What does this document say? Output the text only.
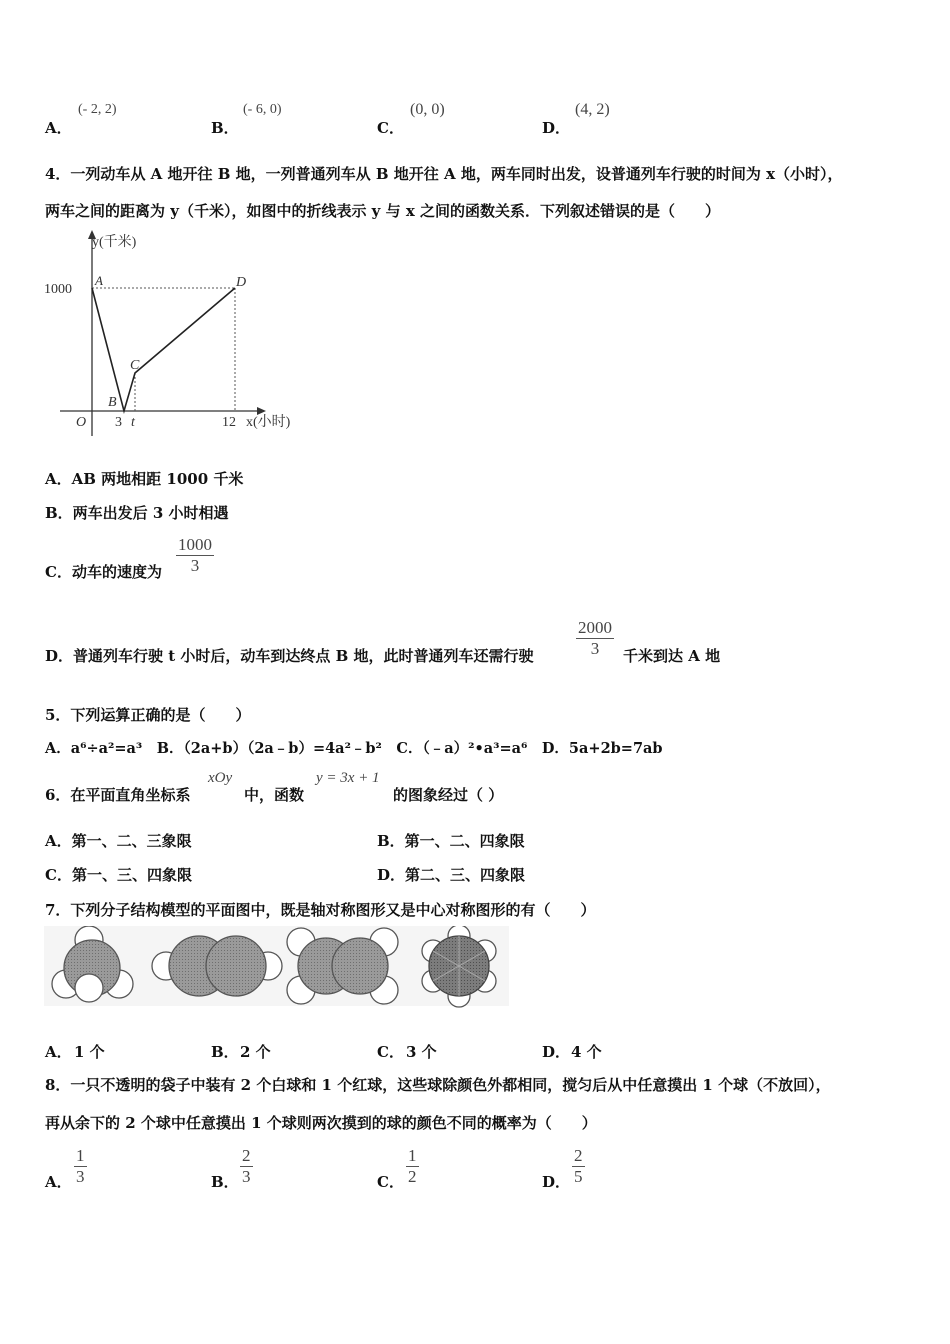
A．
(- 2, 2)
B．
(- 6, 0)
C．
(0, 0)
D．
(4, 2)
4．一列动车从 A 地开往 B 地，一列普通列车从 B 地开往 A 地，两车同时出发，设普通列车行驶的时间为 x（小时），
两车之间的距离为 y（千米），如图中的折线表示 y 与 x 之间的函数关系．下列叙述错误的是（　　）
y(千米)
1000
A
B
C
D
O 3 t	12 x(小时)
A．AB 两地相距 1000 千米
B．两车出发后 3 小时相遇
C．动车的速度为
1000
3
D．普通列车行驶 t 小时后，动车到达终点 B 地，此时普通列车还需行驶
2000
3	千米到达 A 地
5．下列运算正确的是（　　）
A．a⁶÷a²=a³　B．（2a+b）（2a﹣b）=4a²﹣b²　C．（﹣a）²•a³=a⁶　D．5a+2b=7ab
6．在平面直角坐标系
xOy
中，函数
y = 3x + 1
的图象经过（ ）
A．第一、二、三象限	B．第一、二、四象限
C．第一、三、四象限	D．第二、三、四象限
7．下列分子结构模型的平面图中，既是轴对称图形又是中心对称图形的有（　　）
A． 1 个	B． 2 个	C． 3 个	D． 4 个
8．一只不透明的袋子中装有 2 个白球和 1 个红球，这些球除颜色外都相同，搅匀后从中任意摸出 1 个球（不放回），
再从余下的 2 个球中任意摸出 1 个球则两次摸到的球的颜色不同的概率为（　　）
A．
1
3	B．
2
3	C．
1
2	D．
2
5
